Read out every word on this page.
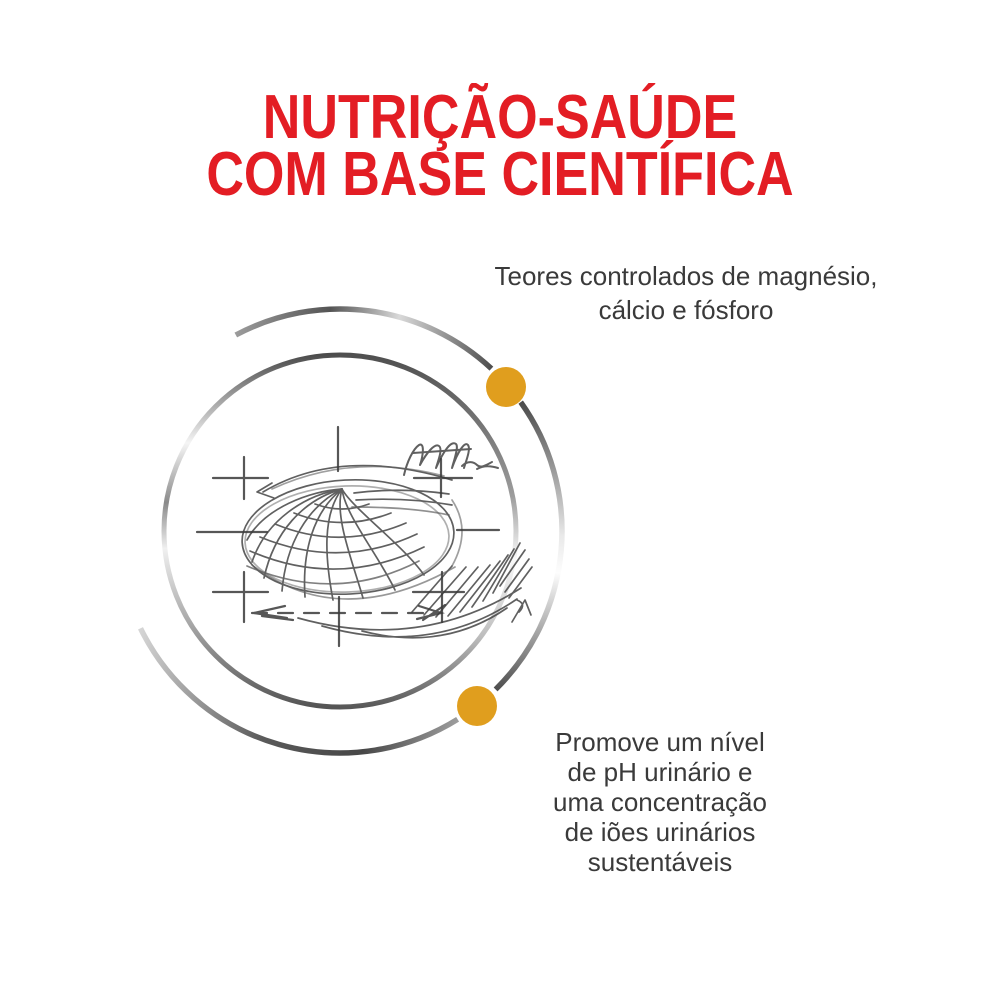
NUTRIÇÃO-SAÚDE
COM BASE CIENTÍFICA
Teores controlados de magnésio,
cálcio e fósforo
Promove um nível
de pH urinário e
uma concentração
de iões urinários
sustentáveis
